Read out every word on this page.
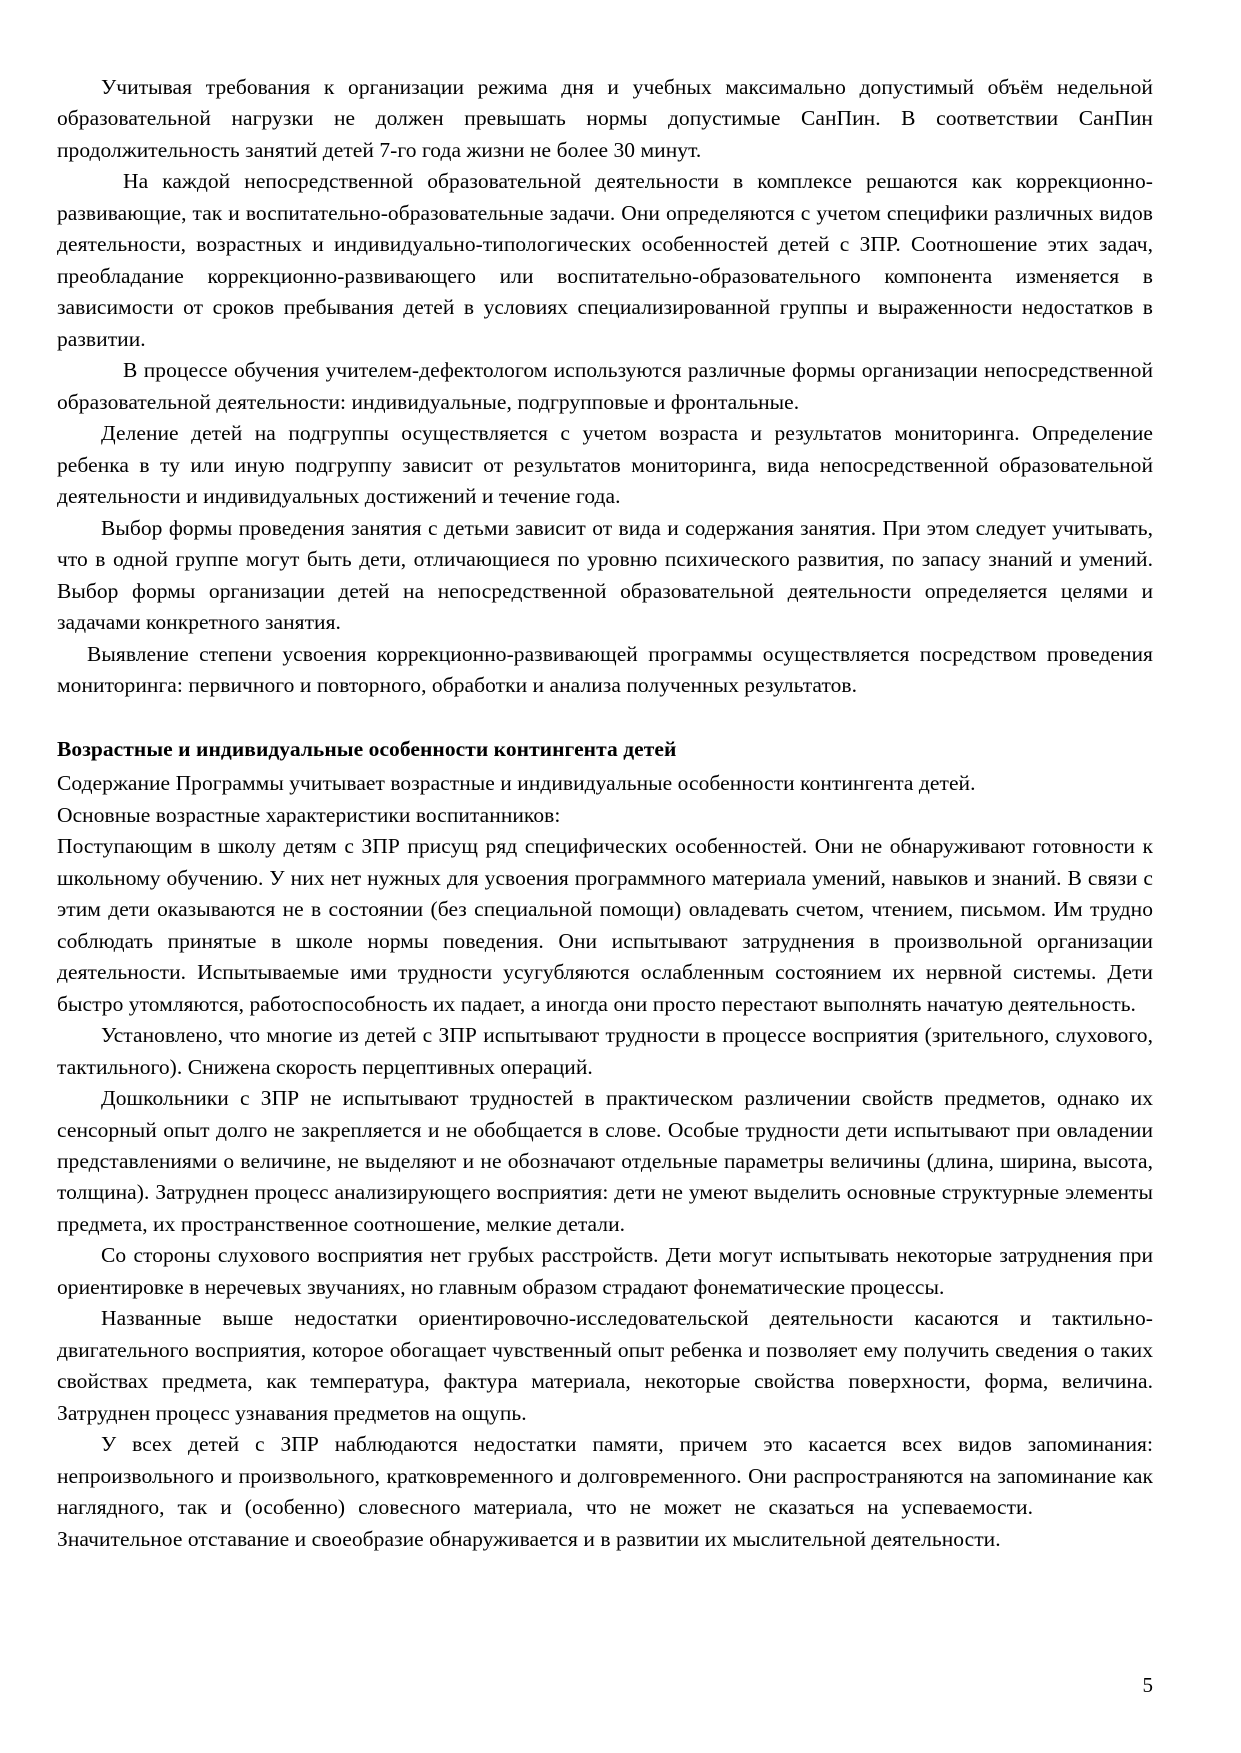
Учитывая требования к организации режима дня и учебных максимально допустимый объём недельной образовательной нагрузки не должен превышать нормы допустимые СанПин. В соответствии СанПин продолжительность занятий детей 7-го года жизни не более 30 минут.

На каждой непосредственной образовательной деятельности в комплексе решаются как коррекционно-развивающие, так и воспитательно-образовательные задачи. Они определяются с учетом специфики различных видов деятельности, возрастных и индивидуально-типологических особенностей детей с ЗПР. Соотношение этих задач, преобладание коррекционно-развивающего или воспитательно-образовательного компонента изменяется в зависимости от сроков пребывания детей в условиях специализированной группы и выраженности недостатков в развитии.

В процессе обучения учителем-дефектологом используются различные формы организации непосредственной образовательной деятельности: индивидуальные, подгрупповые и фронтальные.

Деление детей на подгруппы осуществляется с учетом возраста и результатов мониторинга. Определение ребенка в ту или иную подгруппу зависит от результатов мониторинга, вида непосредственной образовательной деятельности и индивидуальных достижений и течение года.

Выбор формы проведения занятия с детьми зависит от вида и содержания занятия. При этом следует учитывать, что в одной группе могут быть дети, отличающиеся по уровню психического развития, по запасу знаний и умений. Выбор формы организации детей на непосредственной образовательной деятельности определяется целями и задачами конкретного занятия.

Выявление степени усвоения коррекционно-развивающей программы осуществляется посредством проведения мониторинга: первичного и повторного, обработки и анализа полученных результатов.

Возрастные и индивидуальные особенности контингента детей

Содержание Программы учитывает возрастные и индивидуальные особенности контингента детей.

Основные возрастные характеристики воспитанников:

Поступающим в школу детям с ЗПР присущ ряд специфических особенностей. Они не обнаруживают готовности к школьному обучению. У них нет нужных для усвоения программного материала умений, навыков и знаний. В связи с этим дети оказываются не в состоянии (без специальной помощи) овладевать счетом, чтением, письмом. Им трудно соблюдать принятые в школе нормы поведения. Они испытывают затруднения в произвольной организации деятельности. Испытываемые ими трудности усугубляются ослабленным состоянием их нервной системы. Дети быстро утомляются, работоспособность их падает, а иногда они просто перестают выполнять начатую деятельность.

Установлено, что многие из детей с ЗПР испытывают трудности в процессе восприятия (зрительного, слухового, тактильного). Снижена скорость перцептивных операций.

Дошкольники с ЗПР не испытывают трудностей в практическом различении свойств предметов, однако их сенсорный опыт долго не закрепляется и не обобщается в слове. Особые трудности дети испытывают при овладении представлениями о величине, не выделяют и не обозначают отдельные параметры величины (длина, ширина, высота, толщина). Затруднен процесс анализирующего восприятия: дети не умеют выделить основные структурные элементы предмета, их пространственное соотношение, мелкие детали.

Со стороны слухового восприятия нет грубых расстройств. Дети могут испытывать некоторые затруднения при ориентировке в неречевых звучаниях, но главным образом страдают фонематические процессы.

Названные выше недостатки ориентировочно-исследовательской деятельности касаются и тактильно-двигательного восприятия, которое обогащает чувственный опыт ребенка и позволяет ему получить сведения о таких свойствах предмета, как температура, фактура материала, некоторые свойства поверхности, форма, величина. Затруднен процесс узнавания предметов на ощупь.

У всех детей с ЗПР наблюдаются недостатки памяти, причем это касается всех видов запоминания: непроизвольного и произвольного, кратковременного и долговременного. Они распространяются на запоминание как наглядного, так и (особенно) словесного материала, что не может не сказаться на успеваемости.Значительное отставание и своеобразие обнаруживается и в развитии их мыслительной деятельности.

5
